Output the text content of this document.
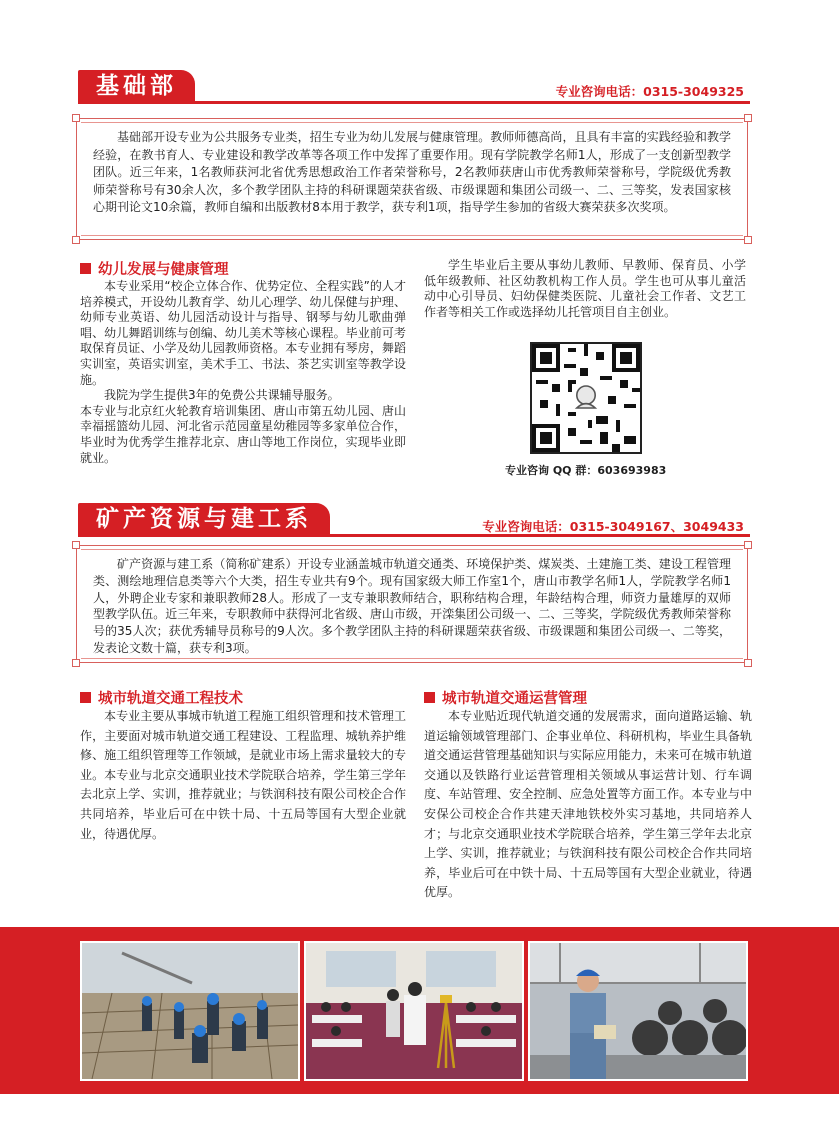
基础部	专业咨询电话：0315-3049325

基础部开设专业为公共服务专业类，招生专业为幼儿发展与健康管理。教师师德高尚，且具有丰富的实践经验和教学经验，在教书育人、专业建设和教学改革等各项工作中发挥了重要作用。现有学院教学名师1人，形成了一支创新型教学团队。近三年来，1名教师获河北省优秀思想政治工作者荣誉称号，2名教师获唐山市优秀教师荣誉称号，学院级优秀教师荣誉称号有30余人次，多个教学团队主持的科研课题荣获省级、市级课题和集团公司级一、二、三等奖，发表国家核心期刊论文10余篇，教师自编和出版教材8本用于教学，获专利1项，指导学生参加的省级大赛荣获多次奖项。

幼儿发展与健康管理

本专业采用“校企立体合作、优势定位、全程实践”的人才培养模式，开设幼儿教育学、幼儿心理学、幼儿保健与护理、幼师专业英语、幼儿园活动设计与指导、钢琴与幼儿歌曲弹唱、幼儿舞蹈训练与创编、幼儿美术等核心课程。毕业前可考取保育员证、小学及幼儿园教师资格。本专业拥有琴房，舞蹈实训室，英语实训室，美术手工、书法、茶艺实训室等教学设施。

我院为学生提供3年的免费公共课辅导服务。

本专业与北京红火轮教育培训集团、唐山市第五幼儿园、唐山幸福摇篮幼儿园、河北省示范园童星幼稚园等多家单位合作，毕业时为优秀学生推荐北京、唐山等地工作岗位，实现毕业即就业。

学生毕业后主要从事幼儿教师、早教师、保育员、小学低年级教师、社区幼教机构工作人员。学生也可从事儿童活动中心引导员、妇幼保健类医院、儿童社会工作者、文艺工作者等相关工作或选择幼儿托管项目自主创业。

专业咨询 QQ 群：603693983
矿产资源与建工系	专业咨询电话：0315-3049167、3049433

矿产资源与建工系（简称矿建系）开设专业涵盖城市轨道交通类、环境保护类、煤炭类、土建施工类、建设工程管理类、测绘地理信息类等六个大类，招生专业共有9个。现有国家级大师工作室1个，唐山市教学名师1人，学院教学名师1人，外聘企业专家和兼职教师28人。形成了一支专兼职教师结合，职称结构合理，年龄结构合理，师资力量雄厚的双师型教学队伍。近三年来，专职教师中获得河北省级、唐山市级，开滦集团公司级一、二、三等奖，学院级优秀教师荣誉称号的35人次；获优秀辅导员称号的9人次。多个教学团队主持的科研课题荣获省级、市级课题和集团公司级一、二等奖，发表论文数十篇，获专利3项。

城市轨道交通工程技术

本专业主要从事城市轨道工程施工组织管理和技术管理工作，主要面对城市轨道交通工程建设、工程监理、城轨养护维修、施工组织管理等工作领域，是就业市场上需求量较大的专业。本专业与北京交通职业技术学院联合培养，学生第三学年去北京上学、实训，推荐就业；与铁润科技有限公司校企合作共同培养，毕业后可在中铁十局、十五局等国有大型企业就业，待遇优厚。

城市轨道交通运营管理

本专业贴近现代轨道交通的发展需求，面向道路运输、轨道运输领域管理部门、企事业单位、科研机构，毕业生具备轨道交通运营管理基础知识与实际应用能力，未来可在城市轨道交通以及铁路行业运营管理相关领域从事运营计划、行车调度、车站管理、安全控制、应急处置等方面工作。本专业与中安保公司校企合作共建天津地铁校外实习基地，共同培养人才；与北京交通职业技术学院联合培养，学生第三学年去北京上学、实训，推荐就业；与铁润科技有限公司校企合作共同培养，毕业后可在中铁十局、十五局等国有大型企业就业，待遇优厚。
